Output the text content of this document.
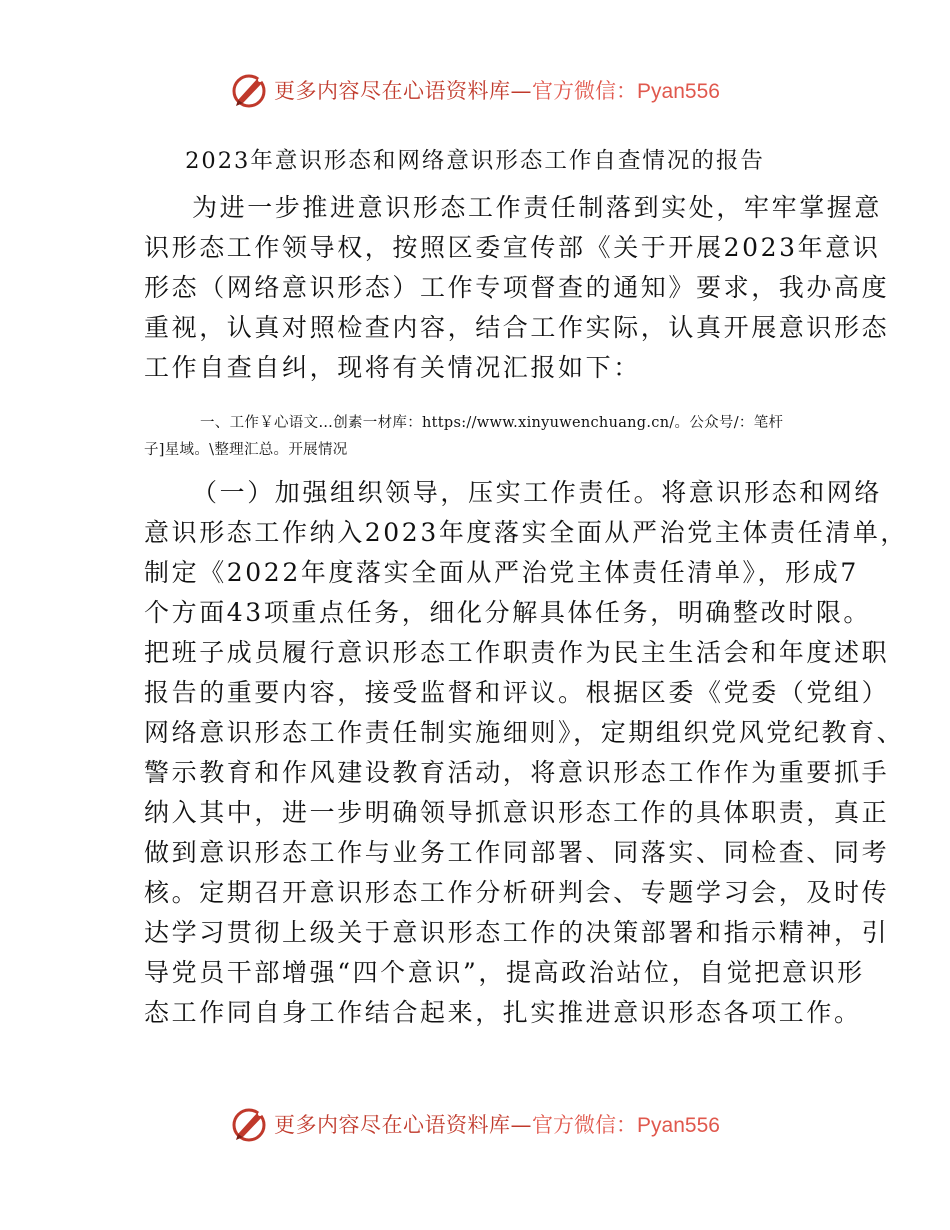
更多内容尽在心语资料库— 官方微信：Pyan556
2023年意识形态和网络意识形态工作自查情况的报告
为进一步推进意识形态工作责任制落到实处，牢牢掌握意
识形态工作领导权，按照区委宣传部《关于开展2023年意识
形态（网络意识形态）工作专项督查的通知》要求，我办高度
重视，认真对照检查内容，结合工作实际，认真开展意识形态
工作自查自纠，现将有关情况汇报如下：
一、工作￥心语文…创素一材库：https://www.xinyuwenchuang.cn/。公众号/：笔杆
子]星域。\整理汇总。开展情况
（一）加强组织领导，压实工作责任。将意识形态和网络
意识形态工作纳入2023年度落实全面从严治党主体责任清单，
制定《2022年度落实全面从严治党主体责任清单》，形成7
个方面43项重点任务，细化分解具体任务，明确整改时限。
把班子成员履行意识形态工作职责作为民主生活会和年度述职
报告的重要内容，接受监督和评议。根据区委《党委（党组）
网络意识形态工作责任制实施细则》，定期组织党风党纪教育、
警示教育和作风建设教育活动，将意识形态工作作为重要抓手
纳入其中，进一步明确领导抓意识形态工作的具体职责，真正
做到意识形态工作与业务工作同部署、同落实、同检查、同考
核。定期召开意识形态工作分析研判会、专题学习会，及时传
达学习贯彻上级关于意识形态工作的决策部署和指示精神，引
导党员干部增强“四个意识”，提高政治站位，自觉把意识形
态工作同自身工作结合起来，扎实推进意识形态各项工作。
更多内容尽在心语资料库— 官方微信：Pyan556
